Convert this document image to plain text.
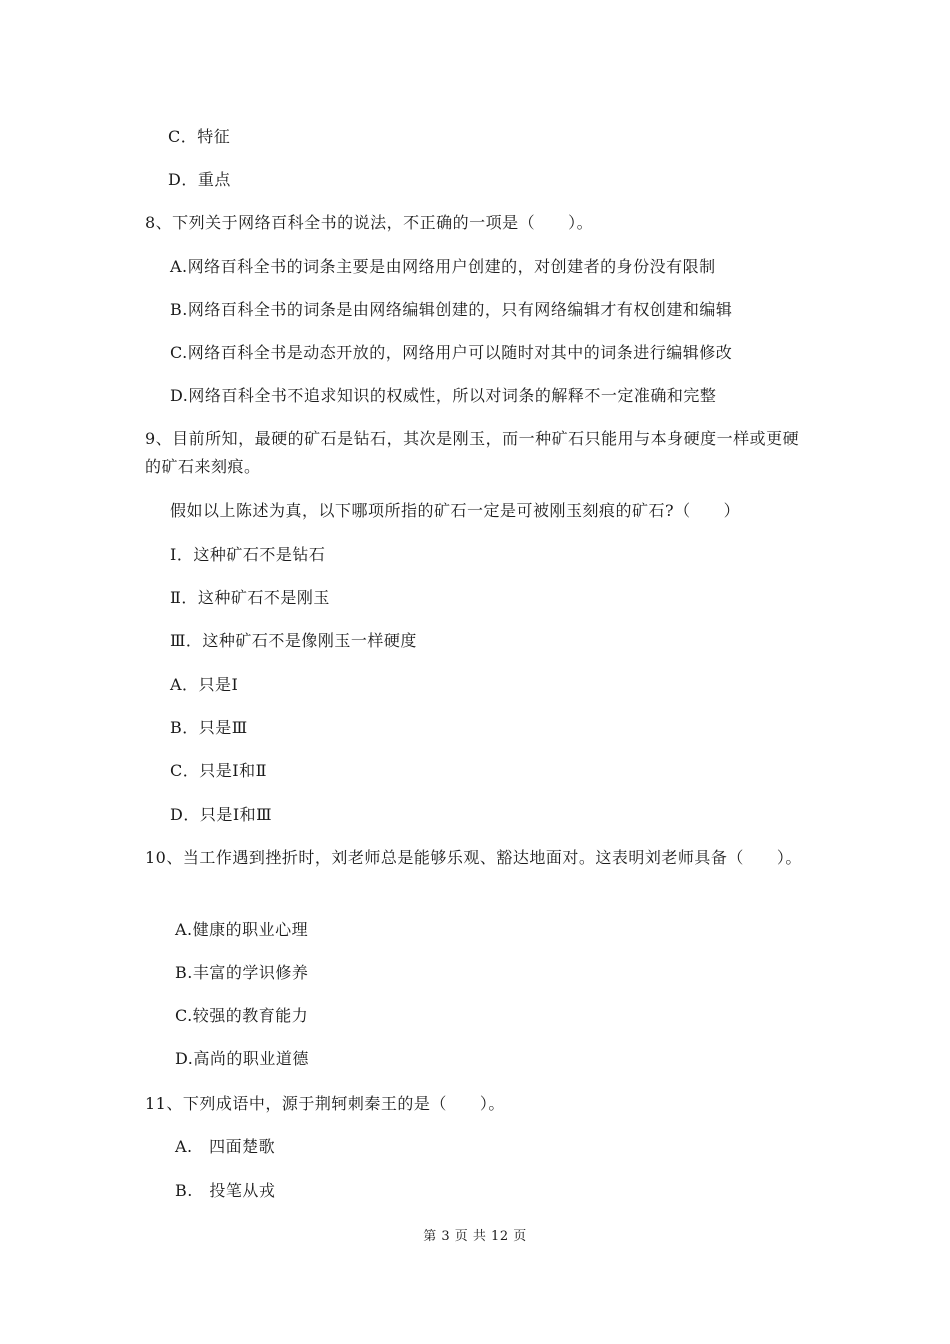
C．特征
D．重点
8、下列关于网络百科全书的说法，不正确的一项是（　　）。
A.网络百科全书的词条主要是由网络用户创建的，对创建者的身份没有限制
B.网络百科全书的词条是由网络编辑创建的，只有网络编辑才有权创建和编辑
C.网络百科全书是动态开放的，网络用户可以随时对其中的词条进行编辑修改
D.网络百科全书不追求知识的权威性，所以对词条的解释不一定准确和完整
9、目前所知，最硬的矿石是钻石，其次是刚玉，而一种矿石只能用与本身硬度一样或更硬
的矿石来刻痕。
假如以上陈述为真，以下哪项所指的矿石一定是可被刚玉刻痕的矿石?（　　）
Ⅰ．这种矿石不是钻石
Ⅱ．这种矿石不是刚玉
Ⅲ．这种矿石不是像刚玉一样硬度
A．只是Ⅰ
B．只是Ⅲ
C．只是Ⅰ和Ⅱ
D．只是Ⅰ和Ⅲ
10、当工作遇到挫折时，刘老师总是能够乐观、豁达地面对。这表明刘老师具备（　　）。
A.健康的职业心理
B.丰富的学识修养
C.较强的教育能力
D.高尚的职业道德
11、下列成语中，源于荆轲刺秦王的是（　　）。
A.　四面楚歌
B.　投笔从戎
第 3 页 共 12 页
